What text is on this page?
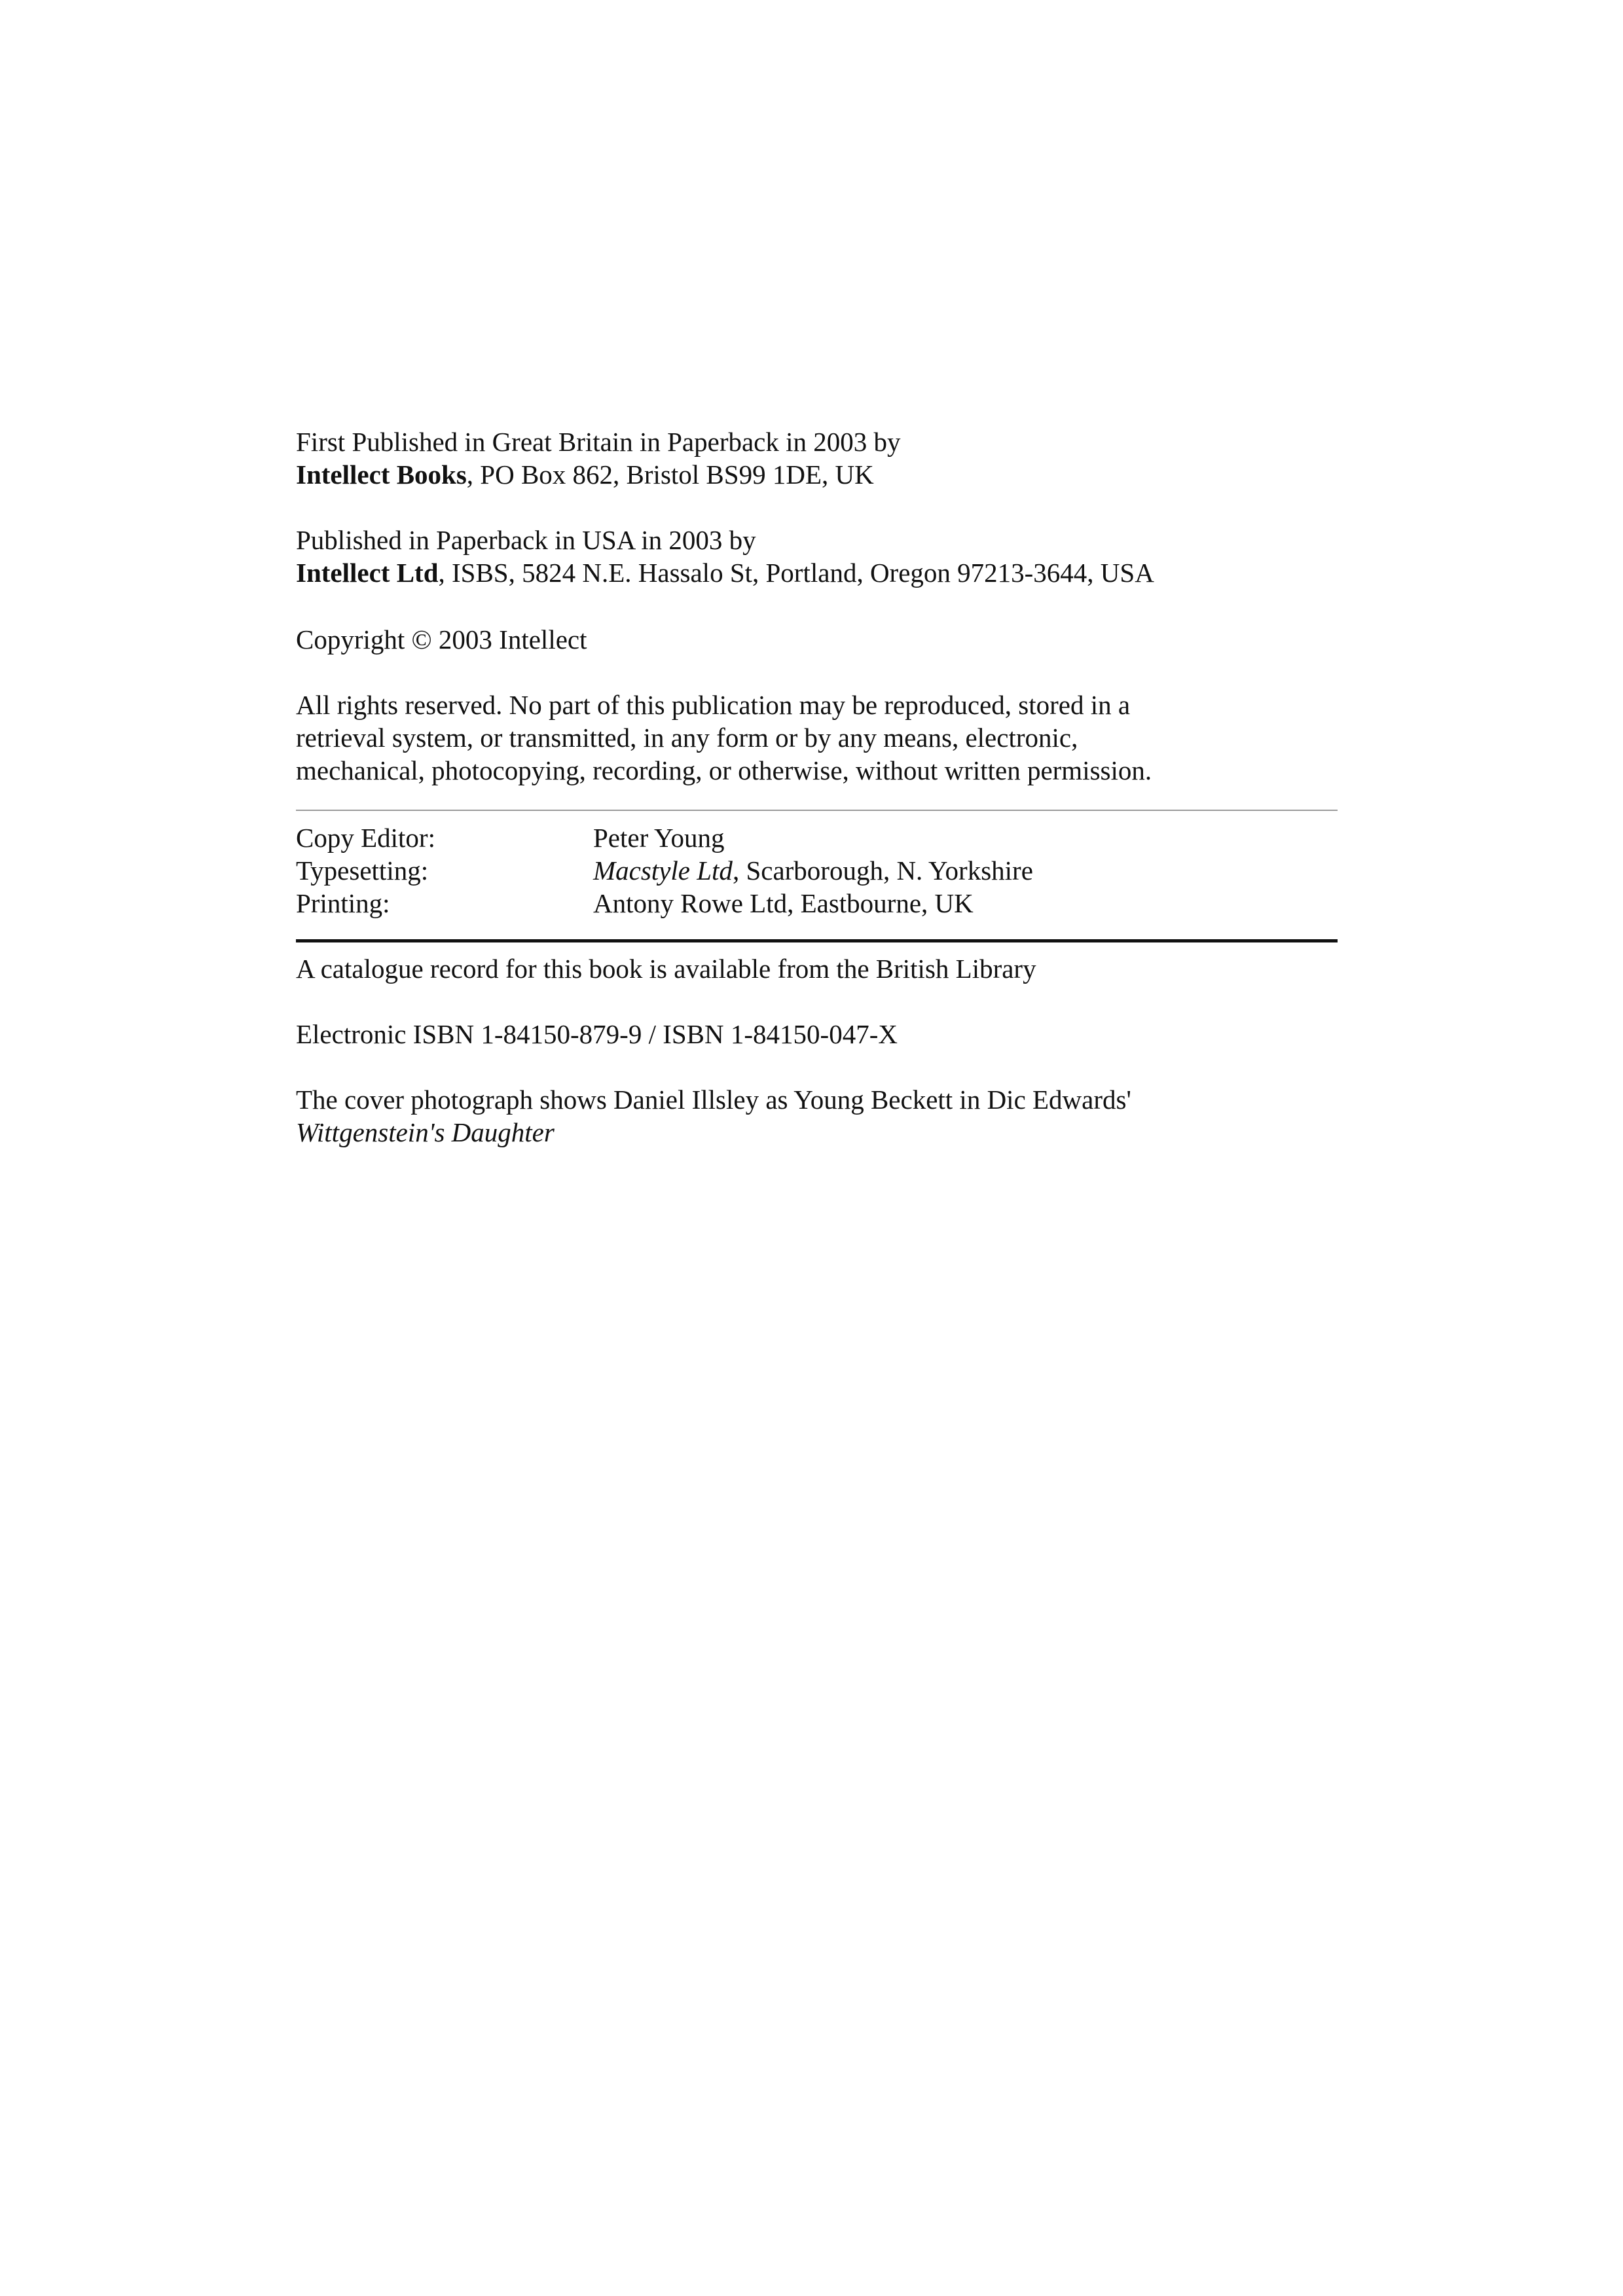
First Published in Great Britain in Paperback in 2003 by
Intellect Books, PO Box 862, Bristol BS99 1DE, UK
Published in Paperback in USA in 2003 by
Intellect Ltd, ISBS, 5824 N.E. Hassalo St, Portland, Oregon 97213-3644, USA
Copyright © 2003 Intellect
All rights reserved. No part of this publication may be reproduced, stored in a
retrieval system, or transmitted, in any form or by any means, electronic,
mechanical, photocopying, recording, or otherwise, without written permission.
Copy Editor:	Peter Young
Typesetting:	Macstyle Ltd, Scarborough, N. Yorkshire
Printing:	Antony Rowe Ltd, Eastbourne, UK
A catalogue record for this book is available from the British Library
Electronic ISBN 1-84150-879-9 / ISBN 1-84150-047-X
The cover photograph shows Daniel Illsley as Young Beckett in Dic Edwards'
Wittgenstein's Daughter
